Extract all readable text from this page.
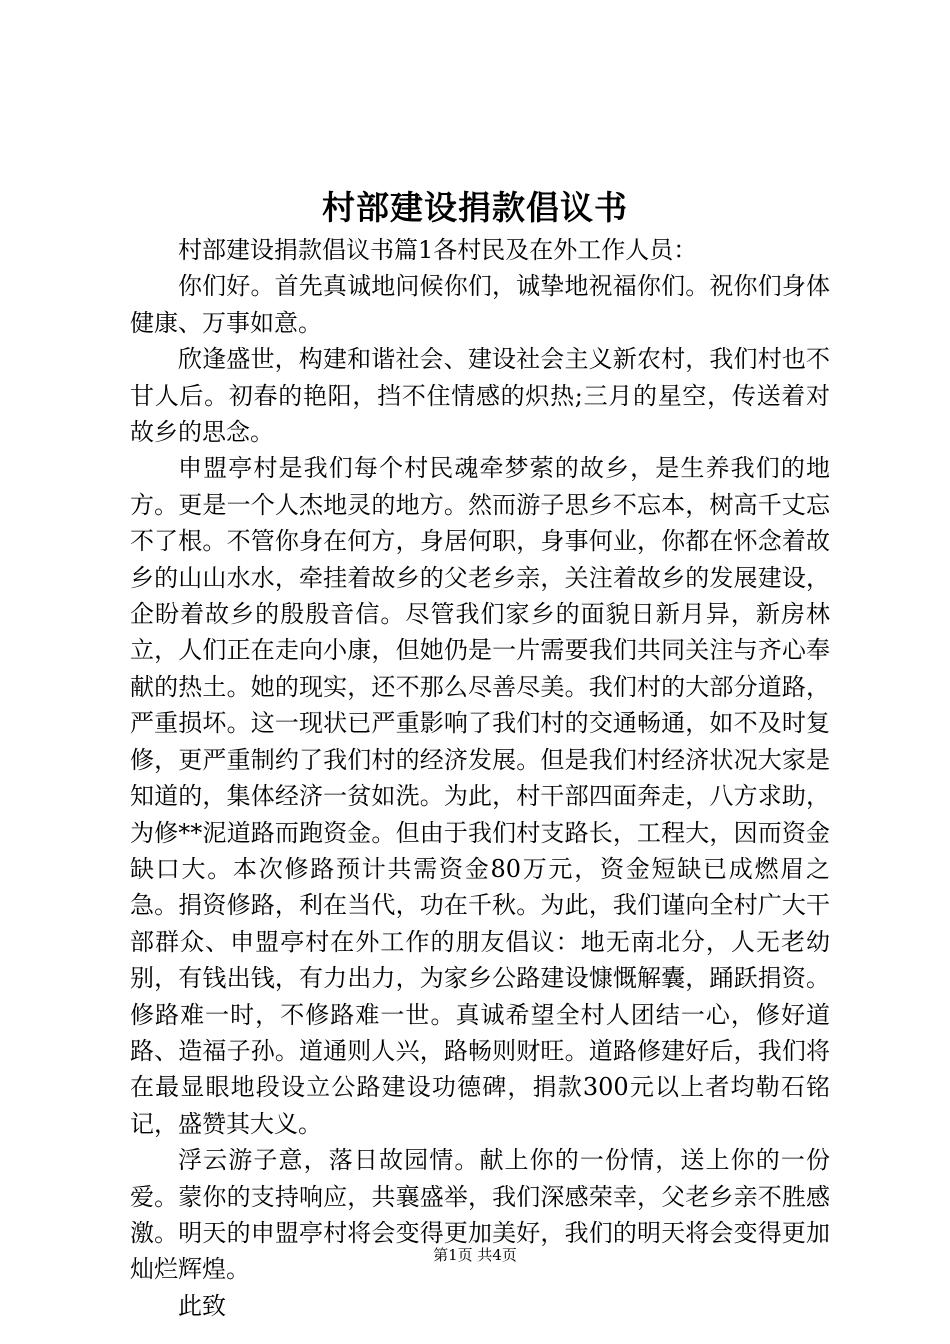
村部建设捐款倡议书

村部建设捐款倡议书篇1各村民及在外工作人员：

你们好。首先真诚地问候你们，诚挚地祝福你们。祝你们身体健康、万事如意。

欣逢盛世，构建和谐社会、建设社会主义新农村，我们村也不甘人后。初春的艳阳，挡不住情感的炽热;三月的星空，传送着对故乡的思念。

申盟亭村是我们每个村民魂牵梦萦的故乡，是生养我们的地方。更是一个人杰地灵的地方。然而游子思乡不忘本，树高千丈忘不了根。不管你身在何方，身居何职，身事何业，你都在怀念着故乡的山山水水，牵挂着故乡的父老乡亲，关注着故乡的发展建设，企盼着故乡的殷殷音信。尽管我们家乡的面貌日新月异，新房林立，人们正在走向小康，但她仍是一片需要我们共同关注与齐心奉献的热土。她的现实，还不那么尽善尽美。我们村的大部分道路，严重损坏。这一现状已严重影响了我们村的交通畅通，如不及时复修，更严重制约了我们村的经济发展。但是我们村经济状况大家是知道的，集体经济一贫如洗。为此，村干部四面奔走，八方求助，为修**泥道路而跑资金。但由于我们村支路长，工程大，因而资金缺口大。本次修路预计共需资金80万元，资金短缺已成燃眉之急。捐资修路，利在当代，功在千秋。为此，我们谨向全村广大干部群众、申盟亭村在外工作的朋友倡议：地无南北分，人无老幼别，有钱出钱，有力出力，为家乡公路建设慷慨解囊，踊跃捐资。修路难一时，不修路难一世。真诚希望全村人团结一心，修好道路、造福子孙。道通则人兴，路畅则财旺。道路修建好后，我们将在最显眼地段设立公路建设功德碑，捐款300元以上者均勒石铭记，盛赞其大义。

浮云游子意，落日故园情。献上你的一份情，送上你的一份爱。蒙你的支持响应，共襄盛举，我们深感荣幸，父老乡亲不胜感激。明天的申盟亭村将会变得更加美好，我们的明天将会变得更加灿烂辉煌。

此致

第1页 共4页
